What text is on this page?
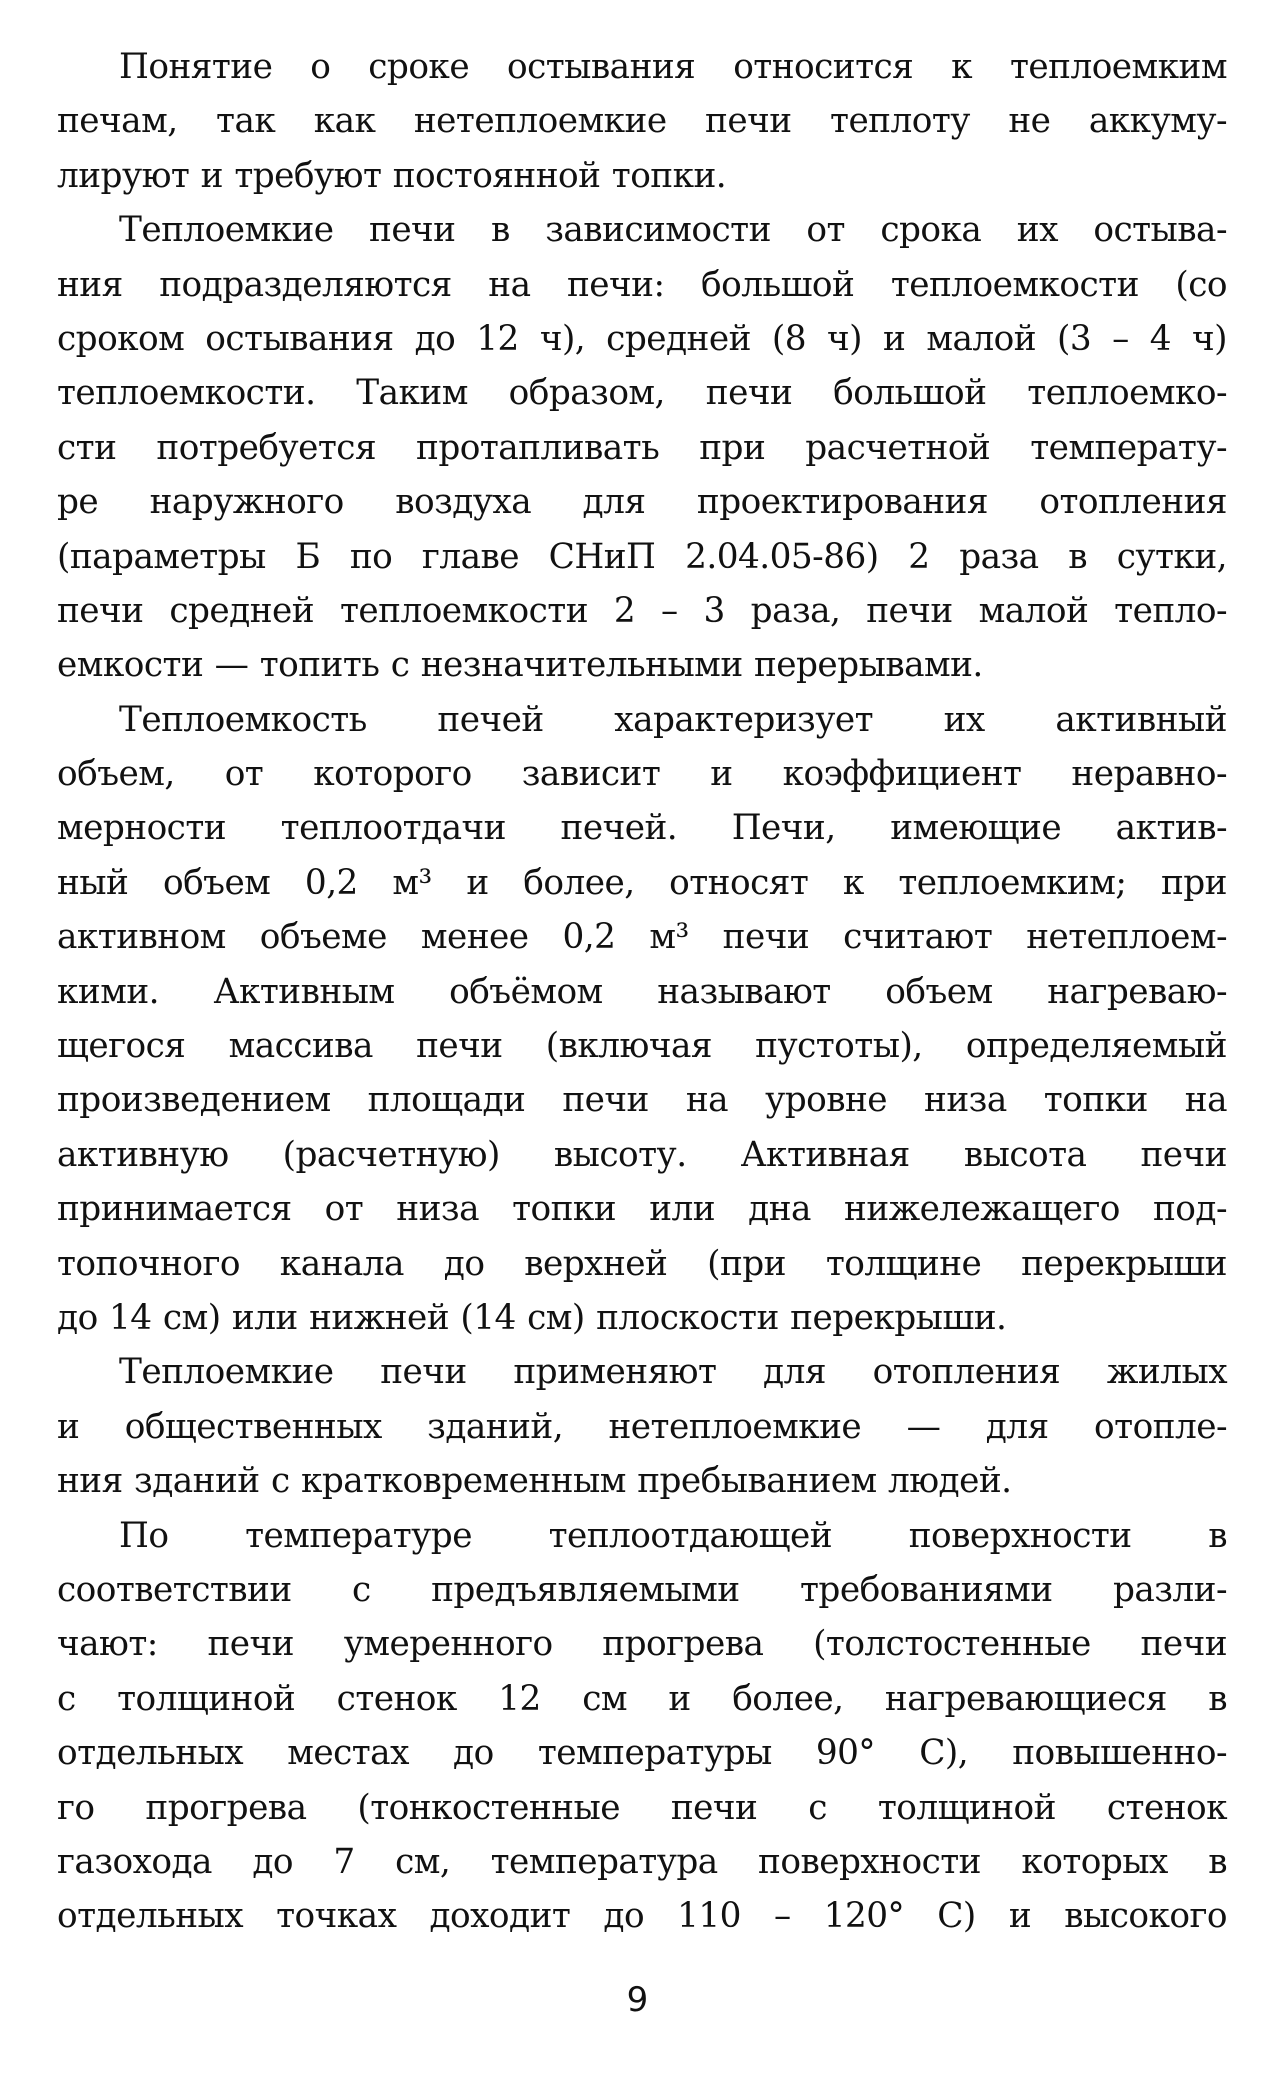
Понятие о сроке остывания относится к теплоемким
печам, так как нетеплоемкие печи теплоту не аккуму-
лируют и требуют постоянной топки.
Теплоемкие печи в зависимости от срока их остыва-
ния подразделяются на печи: большой теплоемкости (со
сроком остывания до 12 ч), средней (8 ч) и малой (3 – 4 ч)
теплоемкости. Таким образом, печи большой теплоемко-
сти потребуется протапливать при расчетной температу-
ре наружного воздуха для проектирования отопления
(параметры Б по главе СНиП 2.04.05-86) 2 раза в сутки,
печи средней теплоемкости 2 – 3 раза, печи малой тепло-
емкости — топить с незначительными перерывами.
Теплоемкость печей характеризует их активный
объем, от которого зависит и коэффициент неравно-
мерности теплоотдачи печей. Печи, имеющие актив-
ный объем 0,2 м³ и более, относят к теплоемким; при
активном объеме менее 0,2 м³ печи считают нетеплоем-
кими. Активным объёмом называют объем нагреваю-
щегося массива печи (включая пустоты), определяемый
произведением площади печи на уровне низа топки на
активную (расчетную) высоту. Активная высота печи
принимается от низа топки или дна нижележащего под-
топочного канала до верхней (при толщине перекрыши
до 14 см) или нижней (14 см) плоскости перекрыши.
Теплоемкие печи применяют для отопления жилых
и общественных зданий, нетеплоемкие — для отопле-
ния зданий с кратковременным пребыванием людей.
По температуре теплоотдающей поверхности в
соответствии с предъявляемыми требованиями разли-
чают: печи умеренного прогрева (толстостенные печи
с толщиной стенок 12 см и более, нагревающиеся в
отдельных местах до температуры 90° С), повышенно-
го прогрева (тонкостенные печи с толщиной стенок
газохода до 7 см, температура поверхности которых в
отдельных точках доходит до 110 – 120° С) и высокого
9
